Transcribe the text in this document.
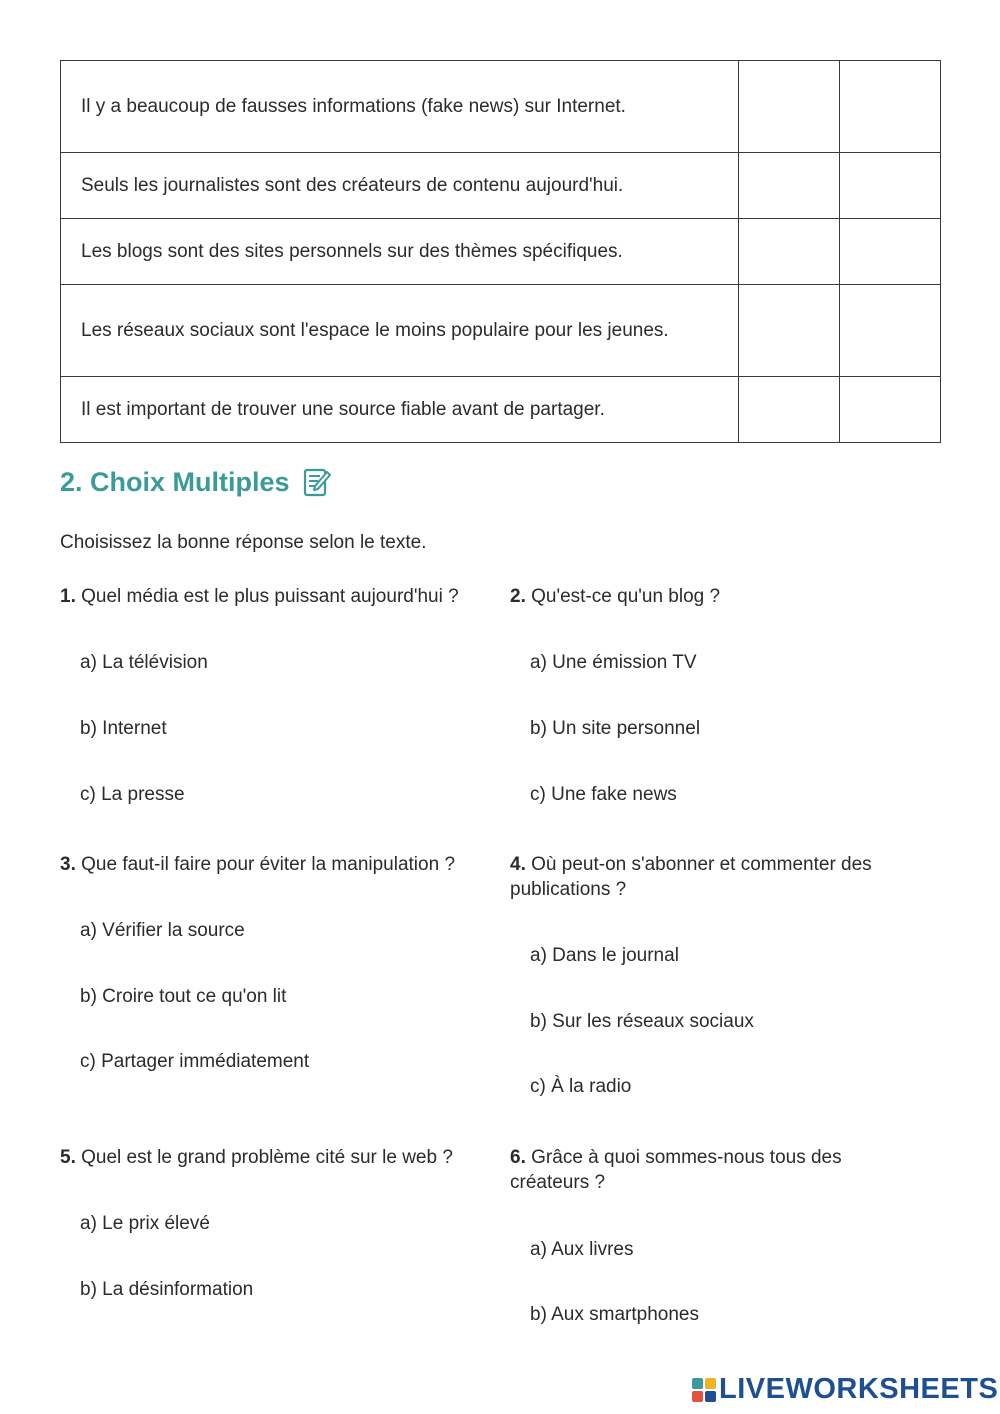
Il y a beaucoup de fausses informations (fake news) sur Internet.		
Seuls les journalistes sont des créateurs de contenu aujourd'hui.		
Les blogs sont des sites personnels sur des thèmes spécifiques.		
Les réseaux sociaux sont l'espace le moins populaire pour les jeunes.		
Il est important de trouver une source fiable avant de partager.		
2. Choix Multiples
Choisissez la bonne réponse selon le texte.
1. Quel média est le plus puissant aujourd'hui ?
a) La télévision
b) Internet
c) La presse
2. Qu'est-ce qu'un blog ?
a) Une émission TV
b) Un site personnel
c) Une fake news
3. Que faut-il faire pour éviter la manipulation ?
a) Vérifier la source
b) Croire tout ce qu'on lit
c) Partager immédiatement
4. Où peut-on s'abonner et commenter des publications ?
a) Dans le journal
b) Sur les réseaux sociaux
c) À la radio
5. Quel est le grand problème cité sur le web ?
a) Le prix élevé
b) La désinformation
6. Grâce à quoi sommes-nous tous des créateurs ?
a) Aux livres
b) Aux smartphones
LIVEWORKSHEETS
